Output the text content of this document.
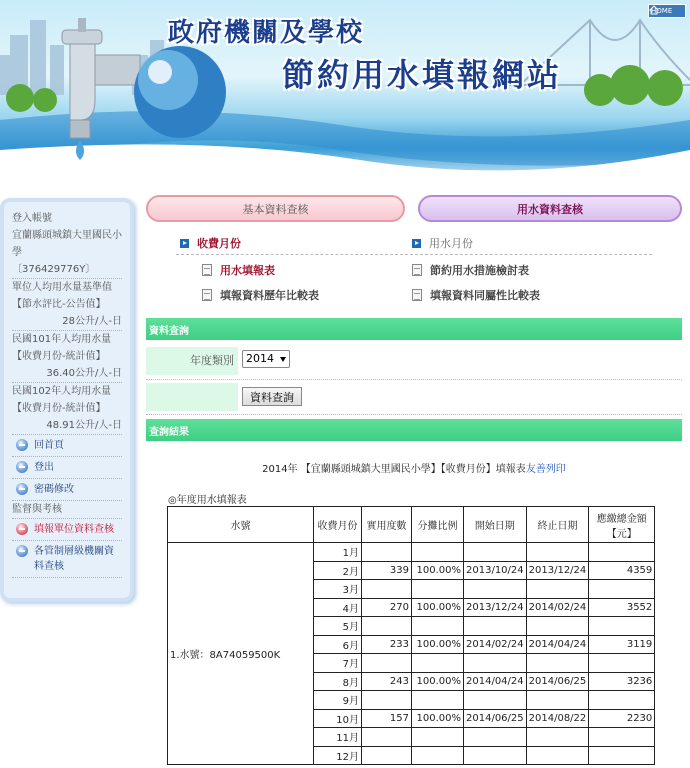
政府機關及學校
節約用水填報網站
HOME
登入帳號
宜蘭縣頭城鎮大里國民小學
〔376429776Y〕
單位人均用水量基準值
【節水評比-公告值】
28公升/人-日
民國101年人均用水量
【收費月份-統計值】
36.40公升/人-日
民國102年人均用水量
【收費月份-統計值】
48.91公升/人-日
回首頁
登出
密碼修改
監督與考核
填報單位資料查核
各管制層級機關資料查核
基本資料查核	用水資料查核
收費月份	用水月份
用水填報表	節約用水措施檢討表
填報資料歷年比較表	填報資料同屬性比較表
資料查詢
年度類別	2014
資料查詢
查詢結果
2014年 【宜蘭縣頭城鎮大里國民小學】【收費月份】填報表友善列印
◎年度用水填報表
水號	收費月份	實用度數	分攤比例	開始日期	終止日期	應繳總金額
【元】
1.水號：8A74059500K	1月					
	2月	339	100.00%	2013/10/24	2013/12/24	4359
	3月					
	4月	270	100.00%	2013/12/24	2014/02/24	3552
	5月					
	6月	233	100.00%	2014/02/24	2014/04/24	3119
	7月					
	8月	243	100.00%	2014/04/24	2014/06/25	3236
	9月					
	10月	157	100.00%	2014/06/25	2014/08/22	2230
	11月					
	12月					
